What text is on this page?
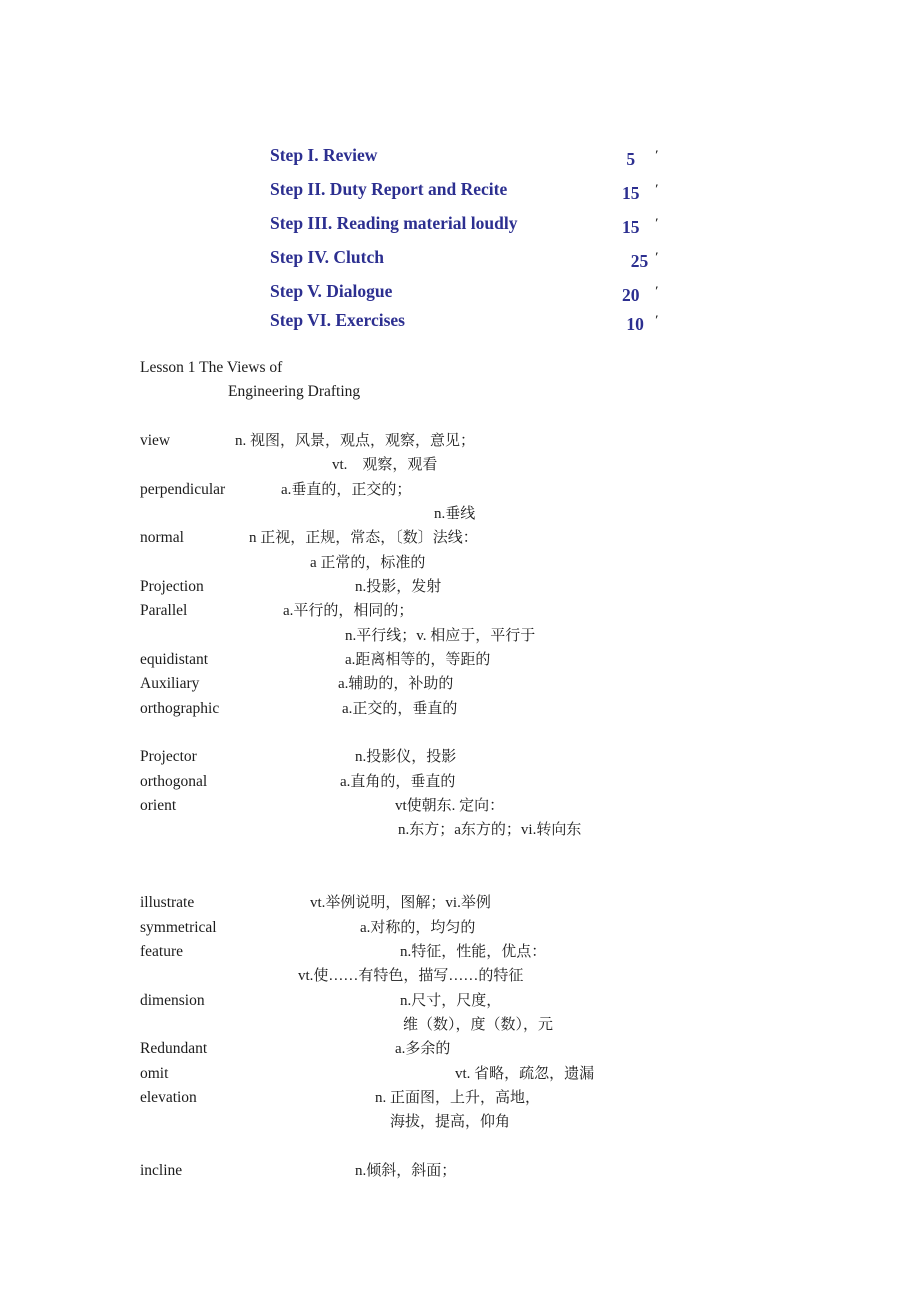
Step I. Review	5 ′
Step II. Duty Report and Recite	15 ′
Step III. Reading material loudly	15 ′
Step IV. Clutch	25 ′
Step V. Dialogue	20 ′
Step VI. Exercises	10 ′
Lesson 1 The Views of
Engineering Drafting
view	n. 视图，风景，观点，观察，意见；
vt.　观察，观看
perpendicular	a.垂直的，正交的；
n.垂线
normal	n 正视，正规，常态，〔数〕法线：
a 正常的，标准的
Projection	n.投影，发射
Parallel	a.平行的，相同的；
n.平行线；v. 相应于，平行于
equidistant	a.距离相等的，等距的
Auxiliary	a.辅助的，补助的
orthographic	a.正交的，垂直的
Projector	n.投影仪，投影
orthogonal	a.直角的，垂直的
orient	vt使朝东. 定向：
n.东方；a东方的；vi.转向东
illustrate	vt.举例说明，图解；vi.举例
symmetrical	a.对称的，均匀的
feature	n.特征，性能，优点：
vt.使……有特色，描写……的特征
dimension	n.尺寸，尺度，
维（数），度（数），元
Redundant	a.多余的
omit	vt. 省略，疏忽，遗漏
elevation	n. 正面图，上升，高地，
海拔，提高，仰角
incline	n.倾斜，斜面；
